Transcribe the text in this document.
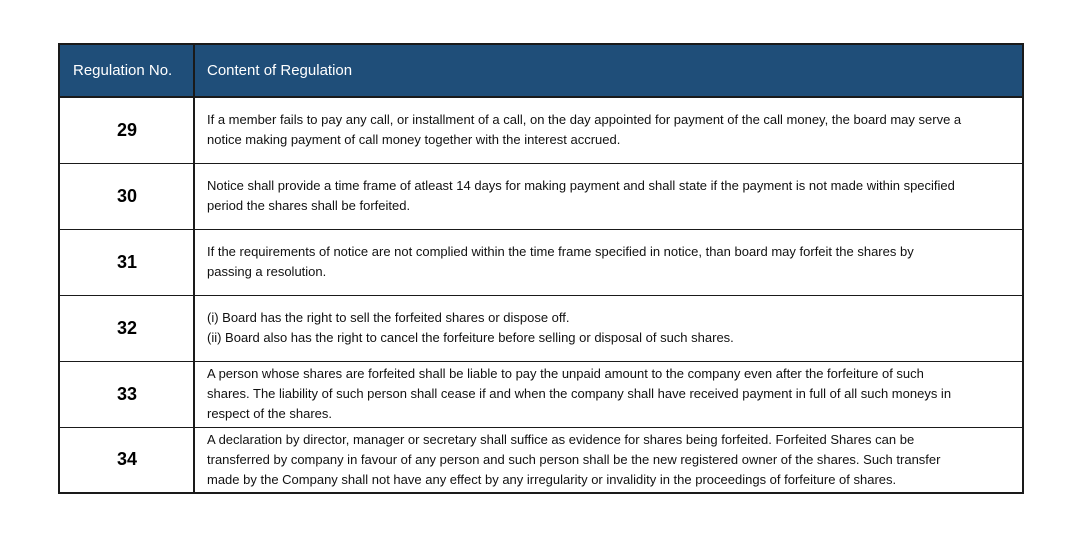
Regulation No.	Content of Regulation
29	If a member fails to pay any call, or installment of a call, on the day appointed for payment of the call money, the board may serve a
notice making payment of call money together with the interest accrued.

30	Notice shall provide a time frame of atleast 14 days for making payment and shall state if the payment is not made within specified
period the shares shall be forfeited.

31	If the requirements of notice are not complied within the time frame specified in notice, than board may forfeit the shares by
passing a resolution.

32	(i) Board has the right to sell the forfeited shares or dispose off.
(ii) Board also has the right to cancel the forfeiture before selling or disposal of such shares.

33	A person whose shares are forfeited shall be liable to pay the unpaid amount to the company even after the forfeiture of such
shares. The liability of such person shall cease if and when the company shall have received payment in full of all such moneys in
respect of the shares.

34	A declaration by director, manager or secretary shall suffice as evidence for shares being forfeited. Forfeited Shares can be
transferred by company in favour of any person and such person shall be the new registered owner of the shares. Such transfer
made by the Company shall not have any effect by any irregularity or invalidity in the proceedings of forfeiture of shares.
